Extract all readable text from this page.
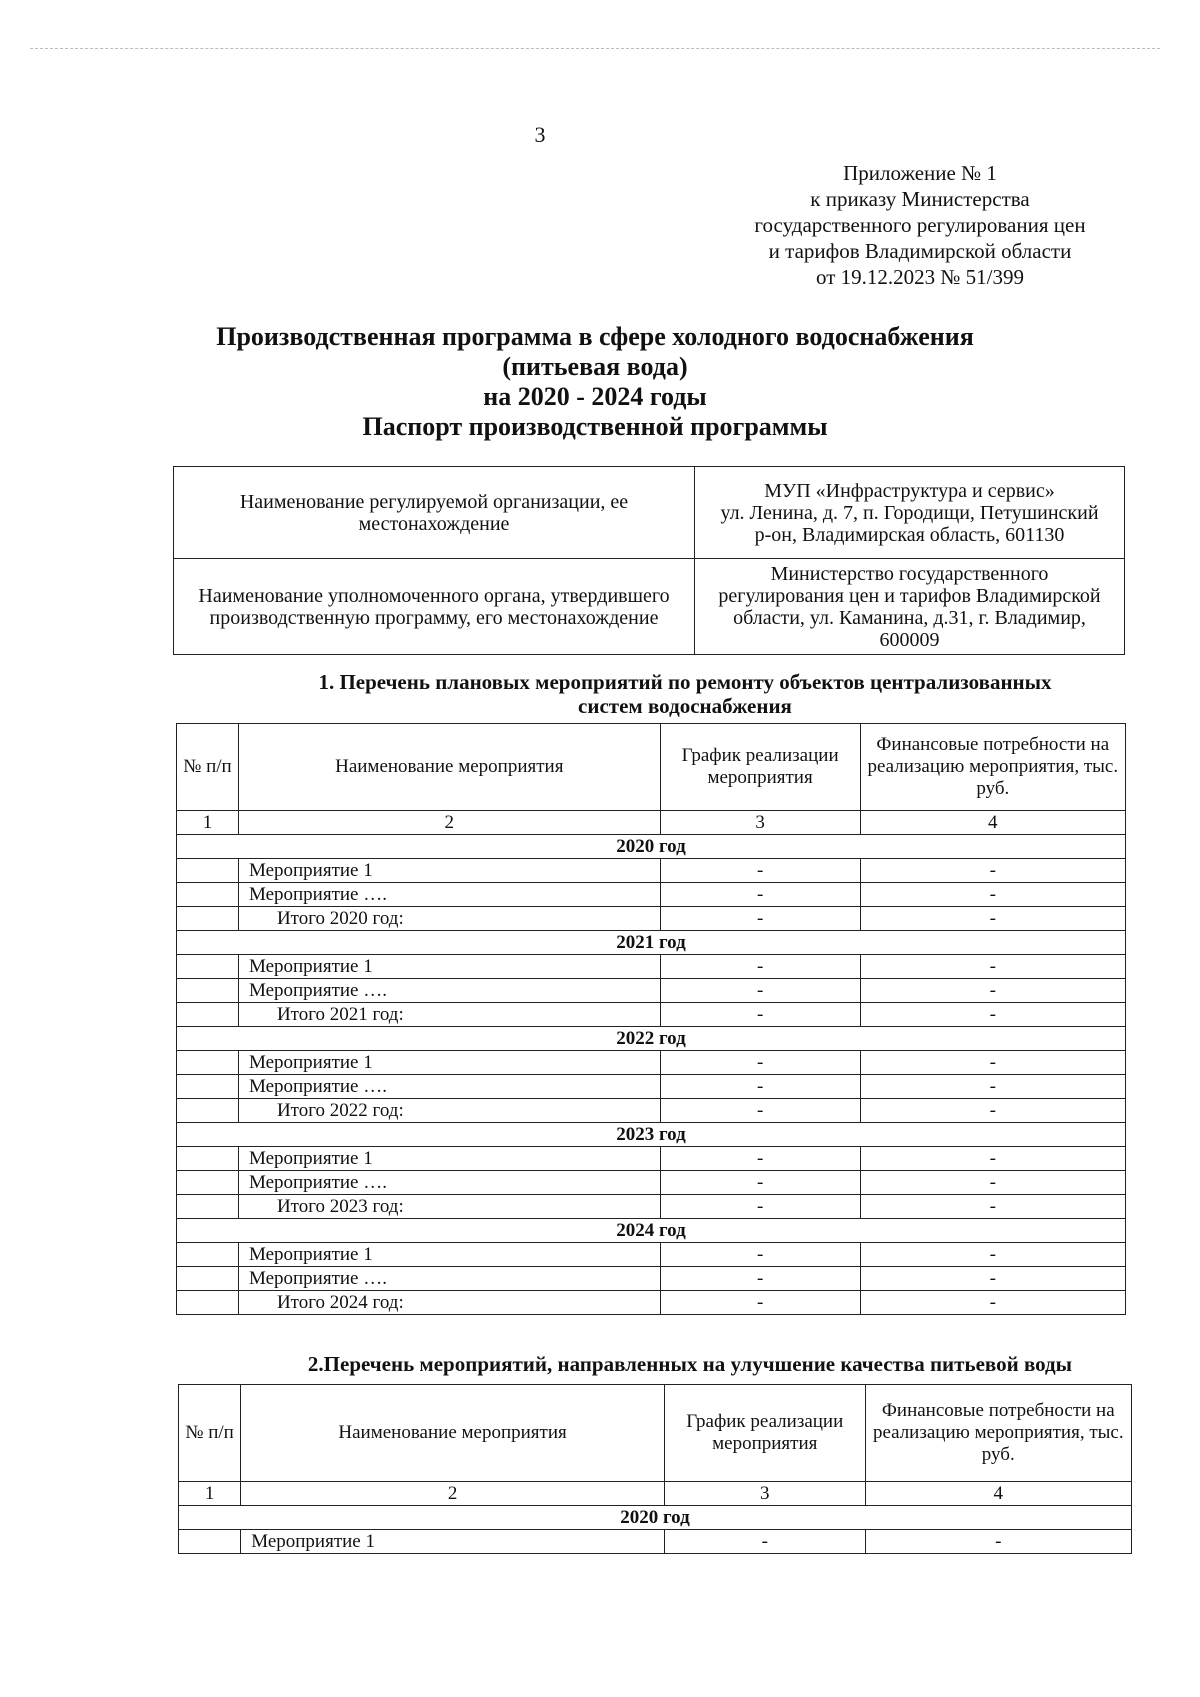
3
Приложение № 1
к приказу Министерства
государственного регулирования цен
и тарифов Владимирской области
от 19.12.2023 № 51/399
Производственная программа в сфере холодного водоснабжения
(питьевая вода)
на 2020 - 2024 годы
Паспорт производственной программы
Наименование регулируемой организации, ее местонахождение	МУП «Инфраструктура и сервис»
ул. Ленина, д. 7, п. Городищи, Петушинский р-он, Владимирская область, 601130

Наименование уполномоченного органа, утвердившего производственную программу, его местонахождение	Министерство государственного регулирования цен и тарифов Владимирской области, ул. Каманина, д.31, г. Владимир, 600009
1. Перечень плановых мероприятий по ремонту объектов централизованных
систем водоснабжения
№ п/п	Наименование мероприятия	График реализации мероприятия	Финансовые потребности на реализацию мероприятия, тыс. руб.
1	2	3	4
2020 год			
	Мероприятие 1	-	-
	Мероприятие ….	-	-
	Итого 2020 год:	-	-
2021 год			
	Мероприятие 1	-	-
	Мероприятие ….	-	-
	Итого 2021 год:	-	-
2022 год			
	Мероприятие 1	-	-
	Мероприятие ….	-	-
	Итого 2022 год:	-	-
2023 год			
	Мероприятие 1	-	-
	Мероприятие ….	-	-
	Итого 2023 год:	-	-
2024 год			
	Мероприятие 1	-	-
	Мероприятие ….	-	-
	Итого 2024 год:	-	-
2.Перечень мероприятий, направленных на улучшение качества питьевой воды
№ п/п	Наименование мероприятия	График реализации мероприятия	Финансовые потребности на реализацию мероприятия, тыс. руб.
1	2	3	4
2020 год			
	Мероприятие 1	-	-
